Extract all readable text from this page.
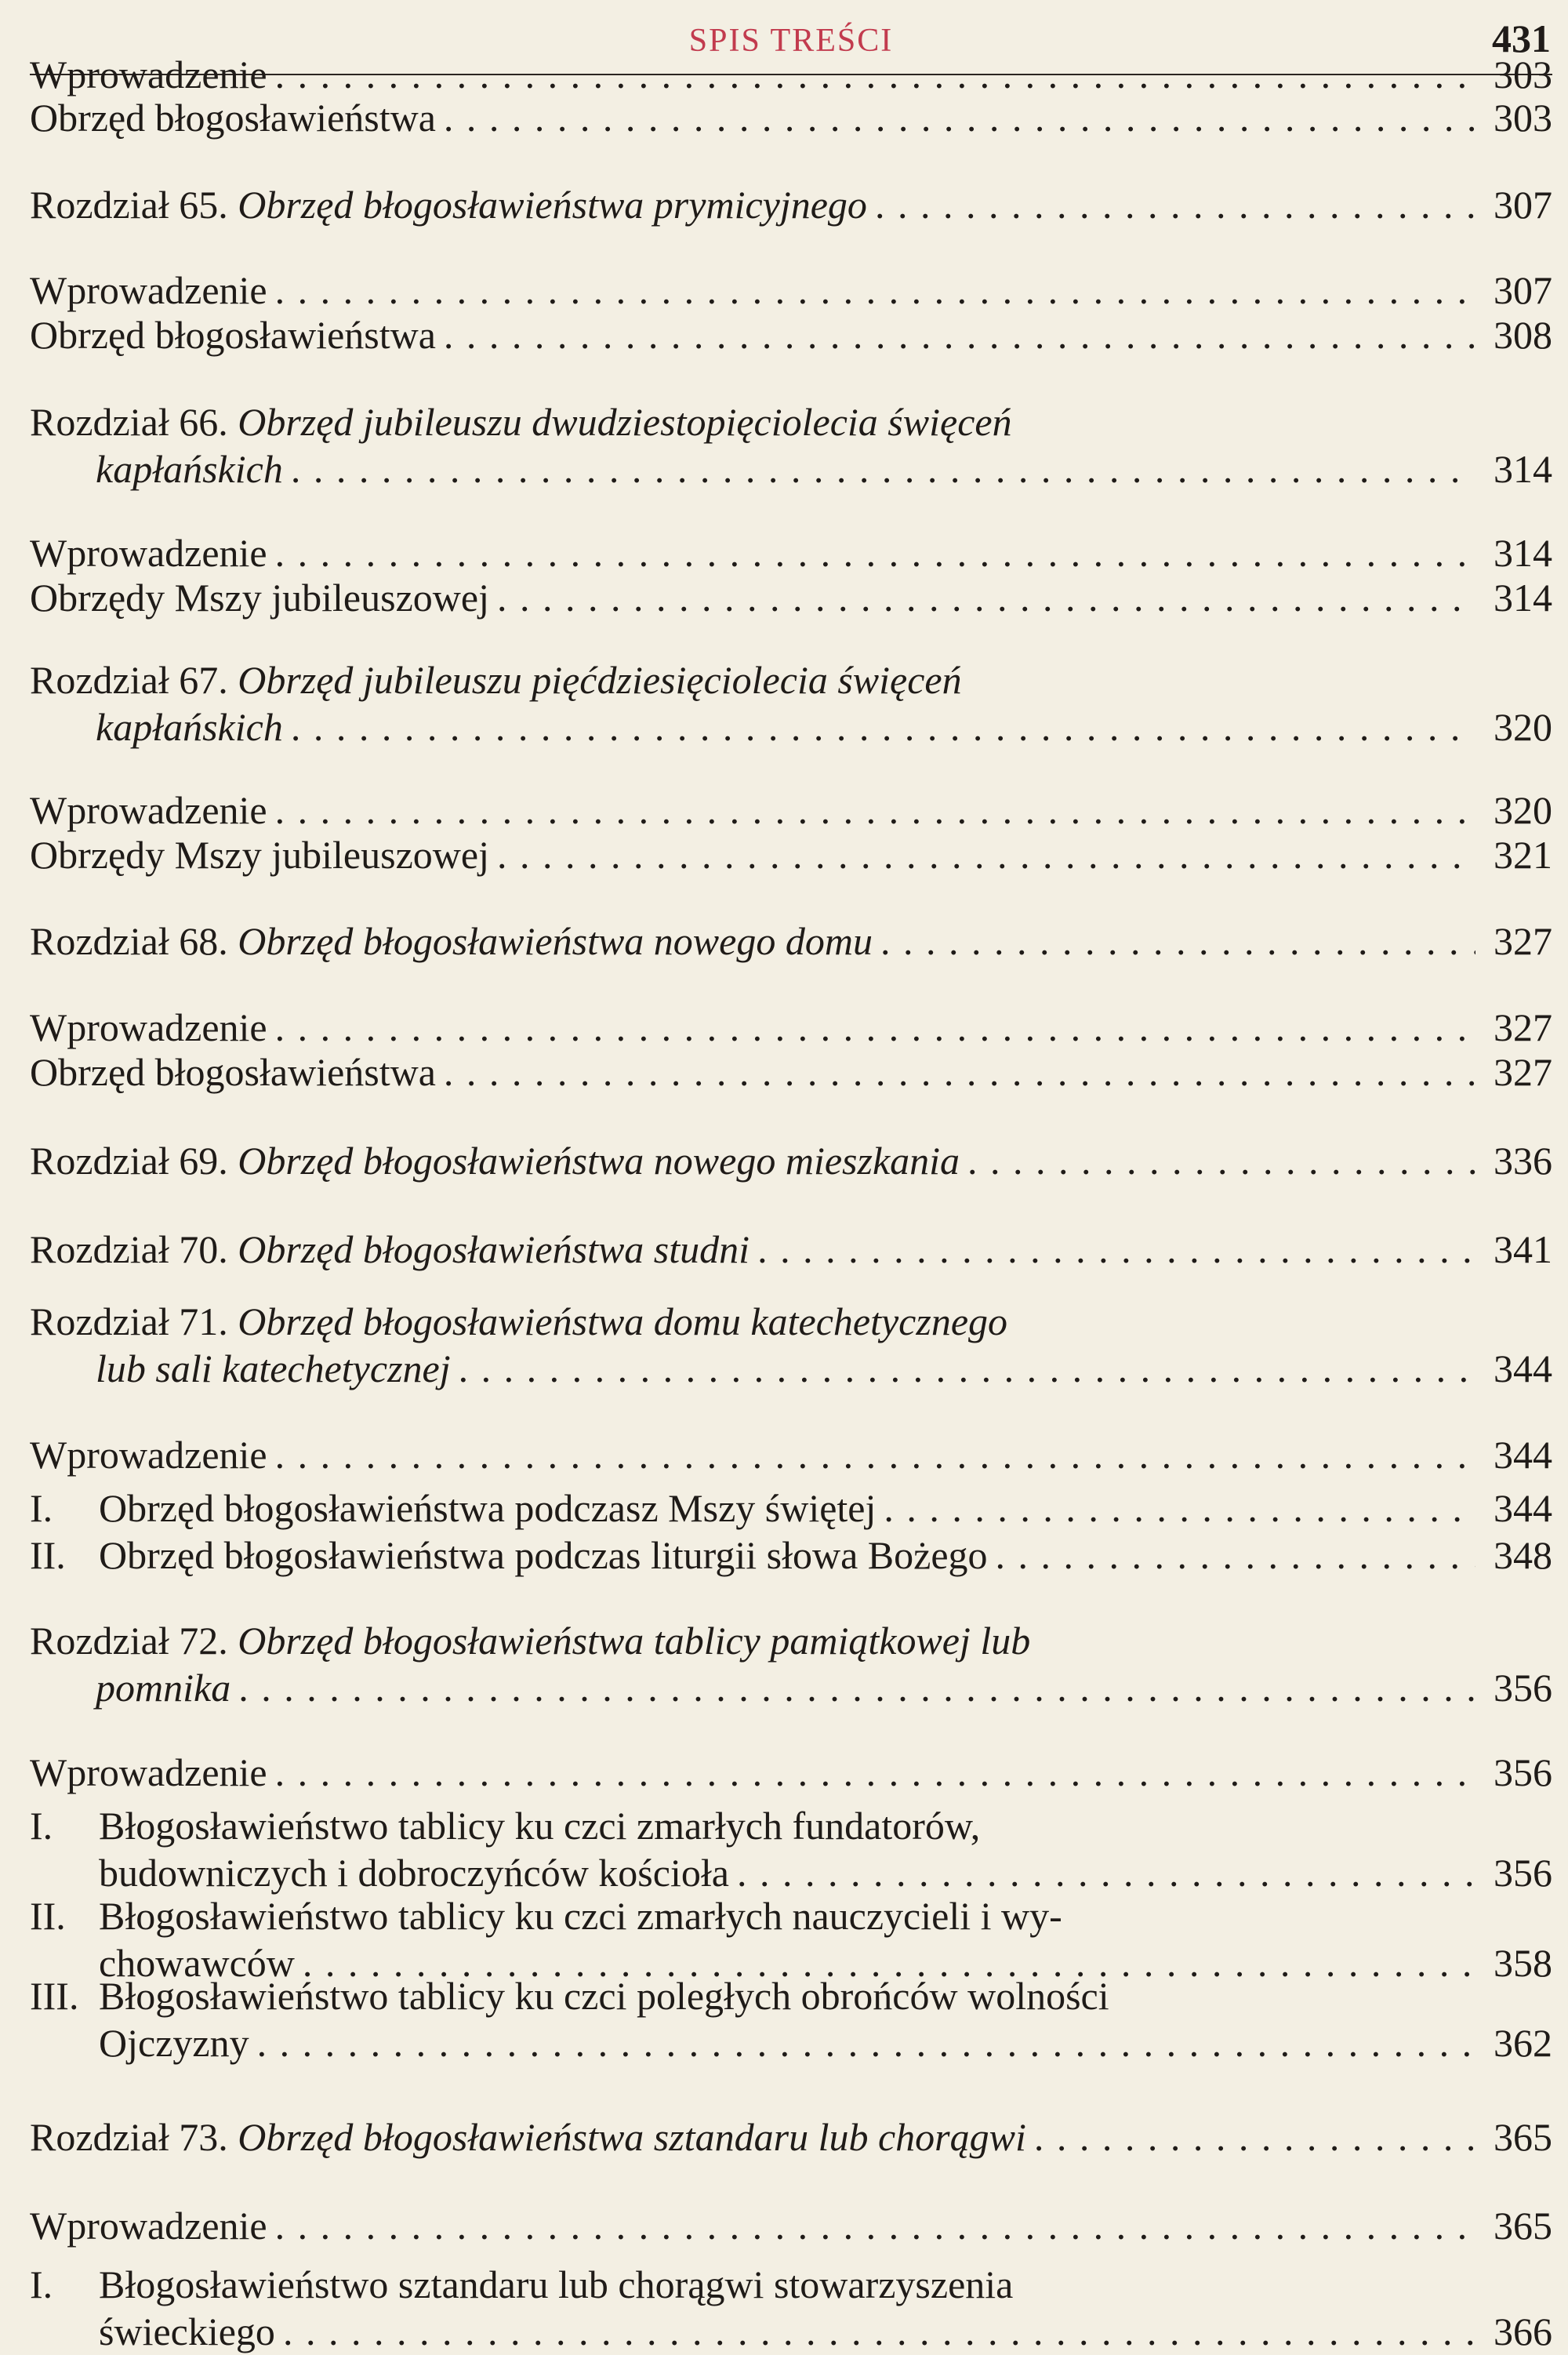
SPIS TREŚCI	431
Wprowadzenie . . .	303
Obrzęd błogosławieństwa . . .	303
Rozdział 65. Obrzęd błogosławieństwa prymicyjnego . . .	307
Wprowadzenie . . .	307
Obrzęd błogosławieństwa . . .	308
Rozdział 66. Obrzęd jubileuszu dwudziestopięciolecia święceń
kapłańskich . . .	314
Wprowadzenie . . .	314
Obrzędy Mszy jubileuszowej . . .	314
Rozdział 67. Obrzęd jubileuszu pięćdziesięciolecia święceń
kapłańskich . . .	320
Wprowadzenie . . .	320
Obrzędy Mszy jubileuszowej . . .	321
Rozdział 68. Obrzęd błogosławieństwa nowego domu . . .	327
Wprowadzenie . . .	327
Obrzęd błogosławieństwa . . .	327
Rozdział 69. Obrzęd błogosławieństwa nowego mieszkania . . .	336
Rozdział 70. Obrzęd błogosławieństwa studni . . .	341
Rozdział 71. Obrzęd błogosławieństwa domu katechetycznego
lub sali katechetycznej . . .	344
Wprowadzenie . . .	344
I.	Obrzęd błogosławieństwa podczasz Mszy świętej . . .	344
II. Obrzęd błogosławieństwa podczas liturgii słowa Bożego . . .	348
Rozdział 72. Obrzęd błogosławieństwa tablicy pamiątkowej lub
pomnika . . .	356
Wprowadzenie . . .	356
I.	Błogosławieństwo tablicy ku czci zmarłych fundatorów,
budowniczych i dobroczyńców kościoła . . .	356
II. Błogosławieństwo tablicy ku czci zmarłych nauczycieli i wy-
chowawców . . .	358
III. Błogosławieństwo tablicy ku czci poległych obrońców wolności
Ojczyzny . . .	362
Rozdział 73. Obrzęd błogosławieństwa sztandaru lub chorągwi . . .	365
Wprowadzenie . . .	365
I.	Błogosławieństwo sztandaru lub chorągwi stowarzyszenia
świeckiego . . .	366
